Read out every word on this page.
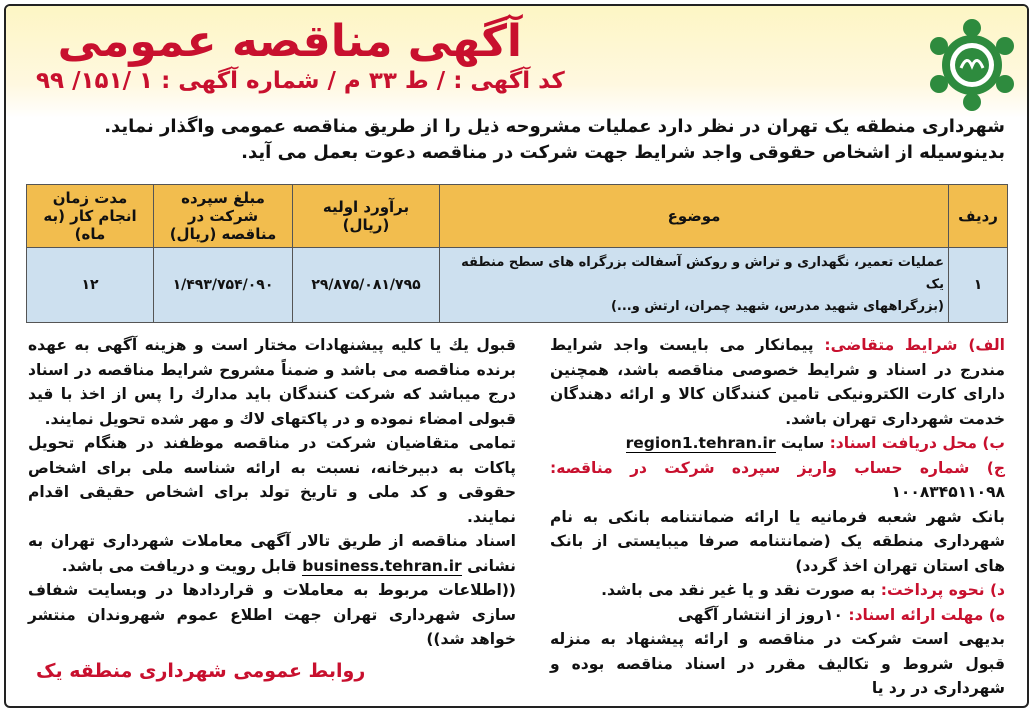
آگهی مناقصه عمومی
کد آگهی : / ط ۳۳ م / شماره آگهی : ۱ /۱۵۱/ ۹۹
شهرداری منطقه یک تهران در نظر دارد عملیات مشروحه ذیل را از طریق مناقصه عمومی واگذار نماید.
بدینوسیله از اشخاص حقوقی واجد شرایط جهت شرکت در مناقصه دعوت بعمل می آید.
ردیف	موضوع	برآورد اولیه (ریال)	مبلغ سپرده شرکت در مناقصه (ریال)	مدت زمان انجام کار (به ماه)
۱	عملیات تعمیر، نگهداری و تراش و روکش آسفالت بزرگراه های سطح منطقه یک
(بزرگراههای شهید مدرس، شهید چمران، ارتش و...)	۲۹/۸۷۵/۰۸۱/۷۹۵	۱/۴۹۳/۷۵۴/۰۹۰	۱۲
الف) شرایط متقاضی: پیمانکار می بایست واجد شرایط مندرج در اسناد و شرایط خصوصی مناقصه باشد، همچنین دارای کارت الکترونیکی تامین کنندگان کالا و ارائه دهندگان خدمت شهرداری تهران باشد.
ب) محل دریافت اسناد: سایت region1.tehran.ir
ج) شماره حساب واریز سپرده شرکت در مناقصه: ۱۰۰۸۳۴۵۱۱۰۹۸
بانک شهر شعبه فرمانیه یا ارائه ضمانتنامه بانکی به نام شهرداری منطقه یک (ضمانتنامه صرفا میبایستی از بانک های استان تهران اخذ گردد)
د) نحوه پرداخت: به صورت نقد و یا غیر نقد می باشد.
ه) مهلت ارائه اسناد: ۱۰روز از انتشار آگهی
بدیهی است شرکت در مناقصه و ارائه پیشنهاد به منزله قبول شروط و تکالیف مقرر در اسناد مناقصه بوده و شهرداری در رد یا
قبول یك یا کلیه پیشنهادات مختار است و هزینه آگهی به عهده برنده مناقصه می باشد و ضمناً مشروح شرایط مناقصه در اسناد درج میباشد که شرکت کنندگان باید مدارك را پس از اخذ با قید قبولی امضاء نموده و در پاکتهای لاك و مهر شده تحویل نمایند.
تمامی متقاضیان شرکت در مناقصه موظفند در هنگام تحویل پاکات به دبیرخانه، نسبت به ارائه شناسه ملی برای اشخاص حقوقی و کد ملی و تاریخ تولد برای اشخاص حقیقی اقدام نمایند.
اسناد مناقصه از طریق تالار آگهی معاملات شهرداری تهران به نشانی business.tehran.ir قابل رویت و دریافت می باشد.
((اطلاعات مربوط به معاملات و قراردادها در وبسایت شفاف سازی شهرداری تهران جهت اطلاع عموم شهروندان منتشر خواهد شد))
روابط عمومی شهرداری منطقه یک
